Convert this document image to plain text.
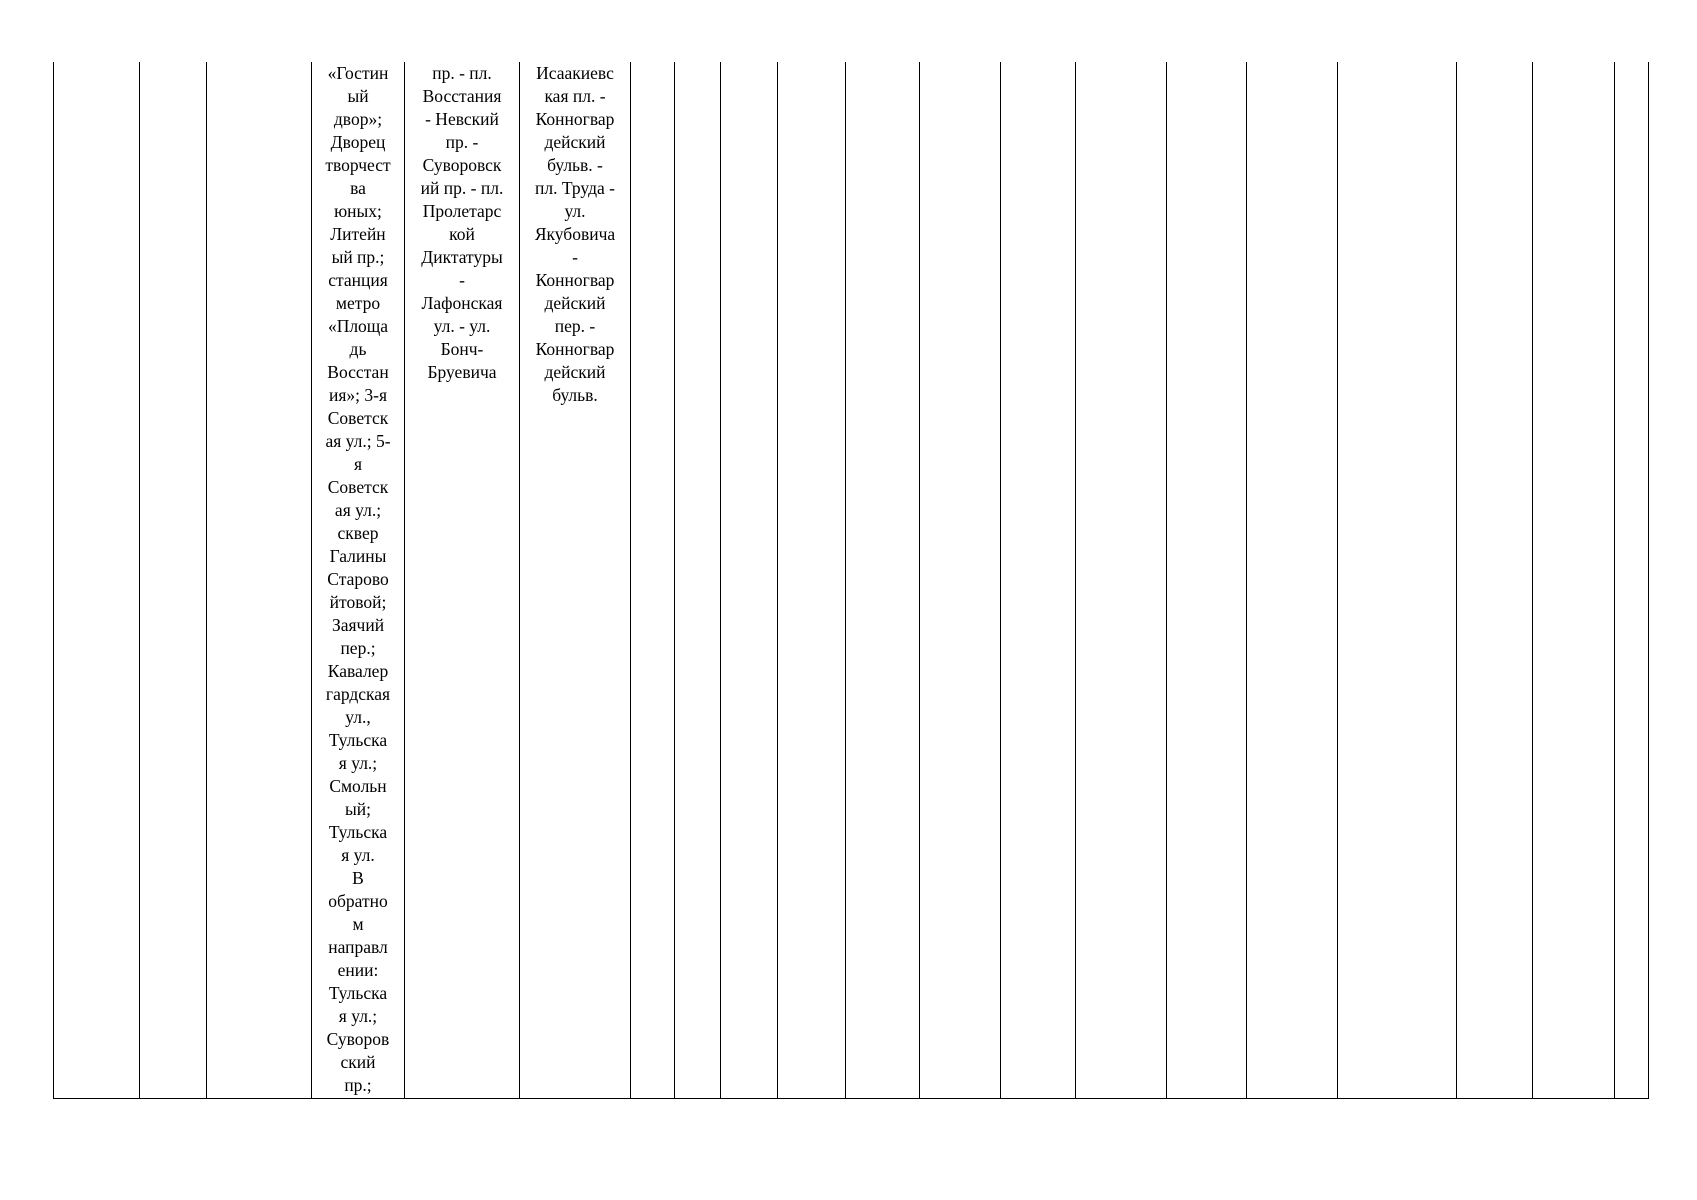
«Гостин
ый
двор»;
Дворец
творчест
ва
юных;
Литейн
ый пр.;
станция
метро
«Площа
дь
Восстан
ия»; 3-я
Советск
ая ул.; 5-
я
Советск
ая ул.;
сквер
Галины
Старово
йтовой;
Заячий
пер.;
Кавалер
гардская
ул.,
Тульска
я ул.;
Смольн
ый;
Тульска
я ул.
В
обратно
м
направл
ении:
Тульска
я ул.;
Суворов
ский
пр.;

пр. - пл.
Восстания
- Невский
пр. -
Суворовск
ий пр. - пл.
Пролетарс
кой
Диктатуры
-
Лафонская
ул. - ул.
Бонч-
Бруевича

Исаакиевс
кая пл. -
Конногвар
дейский
бульв. -
пл. Труда -
ул.
Якубовича
-
Конногвар
дейский
пер. -
Конногвар
дейский
бульв.
